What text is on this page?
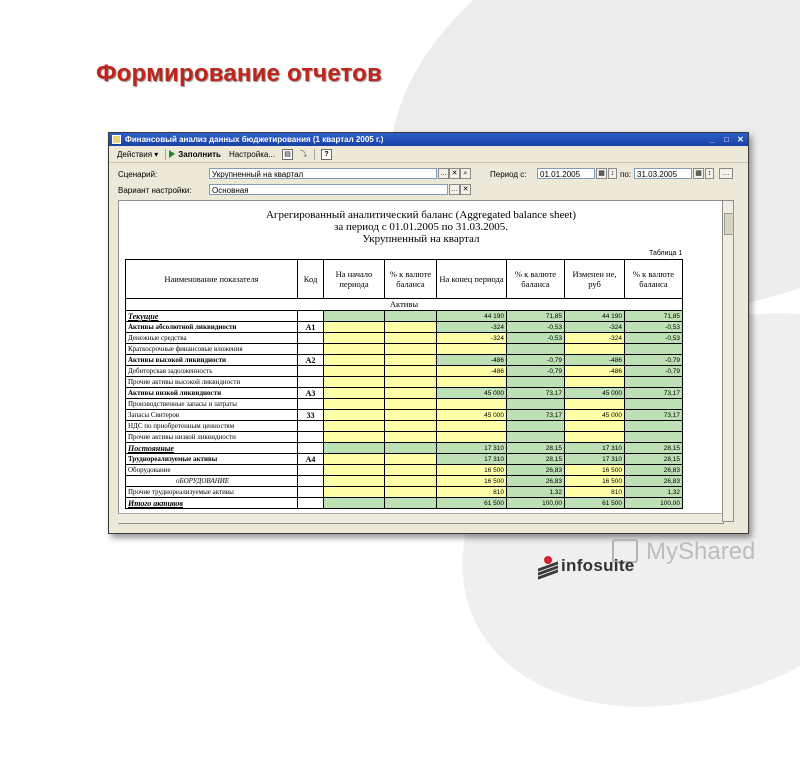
Формирование отчетов
Финансовый анализ данных бюджетирования (1 квартал 2005 г.)	_	□	✕
Действия ▾	Заполнить	Настройка...	▤	⤵	?
Сценарий:	Укрупненный на квартал	… ✕ ⌕
Вариант настройки:	Основная	… ✕
Период с:	01.01.2005	▦ ↕ по: 31.03.2005	▦ ↕	…
Агрегированный аналитический баланс (Aggregated balance sheet)
за период с 01.01.2005 по 31.03.2005.
Укрупненный на квартал
Таблица 1
Наименование показателя	Код	На начало периода	% к валюте баланса	На конец периода	% к валюте баланса	Изменен не, руб	% к валюте баланса
Активы							
Текущие				44 190	71,85	44 190	71,85
Активы абсолютной ликвидности	А1			-324	-0,53	-324	-0,53
Денежные средства				-324	-0,53	-324	-0,53
Краткосрочные финансовые вложения							
Активы высокой ликвидности	А2			-486	-0,79	-486	-0,79
Дебиторская задолженность				-486	-0,79	-486	-0,79
Прочие активы высокой ликвидности							
Активы низкой ликвидности	А3			45 000	73,17	45 000	73,17
Производственные запасы и затраты							
Запасы Свитеров	33			45 000	73,17	45 000	73,17
НДС по приобретенным ценностям							
Прочие активы низкой ликвидности							
Постоянные				17 310	28,15	17 310	28,15
Труднореализуемые активы	А4			17 310	28,15	17 310	28,15
Оборудование				16 500	26,83	16 500	26,83
оБОРУДОВАНИЕ				16 500	26,83	16 500	26,83
Прочие труднореализуемые активы				810	1,32	810	1,32
Итого активов				61 500	100,00	61 500	100,00
MyShared
infosuite
